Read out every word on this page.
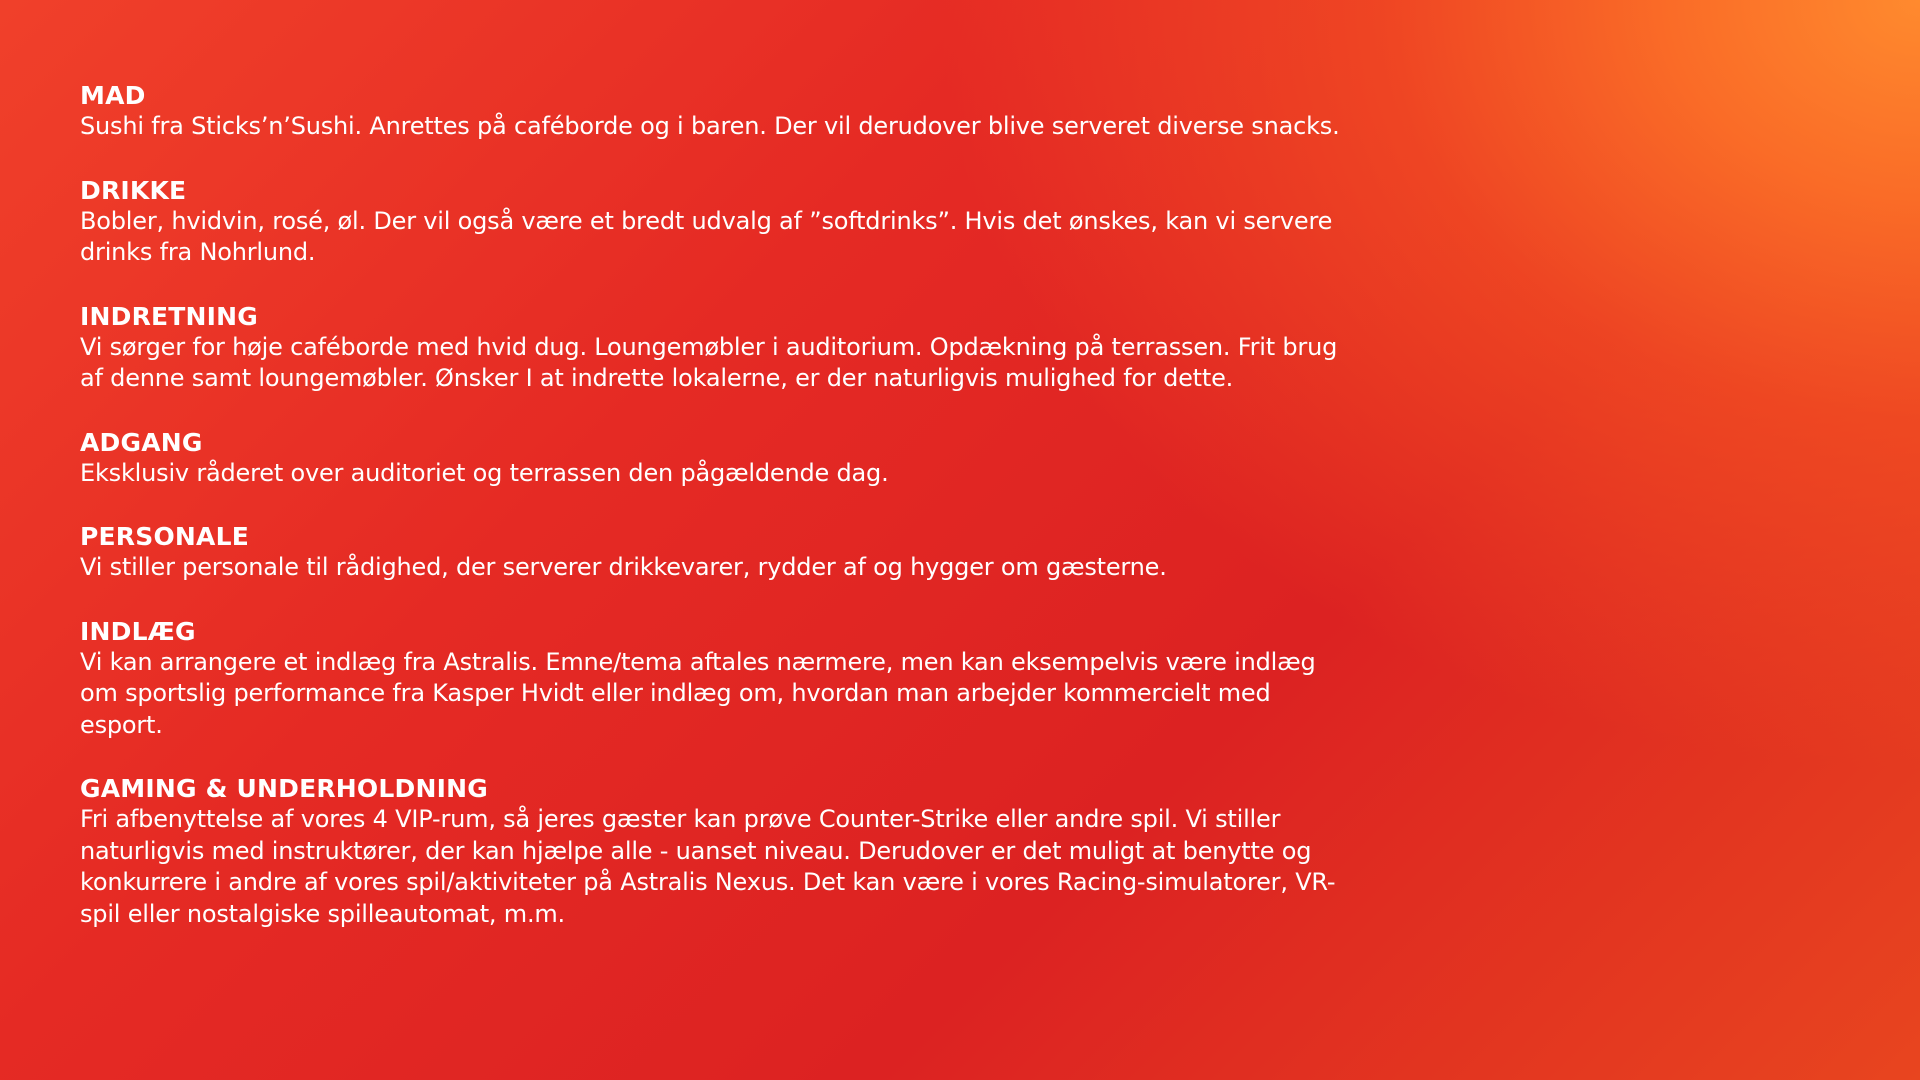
MAD

Sushi fra Sticks’n’Sushi. Anrettes på caféborde og i baren. Der vil derudover blive serveret diverse snacks.

DRIKKE

Bobler, hvidvin, rosé, øl. Der vil også være et bredt udvalg af ”softdrinks”. Hvis det ønskes, kan vi servere drinks fra Nohrlund.

INDRETNING

Vi sørger for høje caféborde med hvid dug. Loungemøbler i auditorium. Opdækning på terrassen. Frit brug af denne samt loungemøbler. Ønsker I at indrette lokalerne, er der naturligvis mulighed for dette.

ADGANG

Eksklusiv råderet over auditoriet og terrassen den pågældende dag.

PERSONALE

Vi stiller personale til rådighed, der serverer drikkevarer, rydder af og hygger om gæsterne.

INDLÆG

Vi kan arrangere et indlæg fra Astralis. Emne/tema aftales nærmere, men kan eksempelvis være indlæg om sportslig performance fra Kasper Hvidt eller indlæg om, hvordan man arbejder kommercielt med esport.

GAMING & UNDERHOLDNING

Fri afbenyttelse af vores 4 VIP-rum, så jeres gæster kan prøve Counter-Strike eller andre spil. Vi stiller naturligvis med instruktører, der kan hjælpe alle - uanset niveau. Derudover er det muligt at benytte og konkurrere i andre af vores spil/aktiviteter på Astralis Nexus. Det kan være i vores Racing-simulatorer, VR-spil eller nostalgiske spilleautomat, m.m.
